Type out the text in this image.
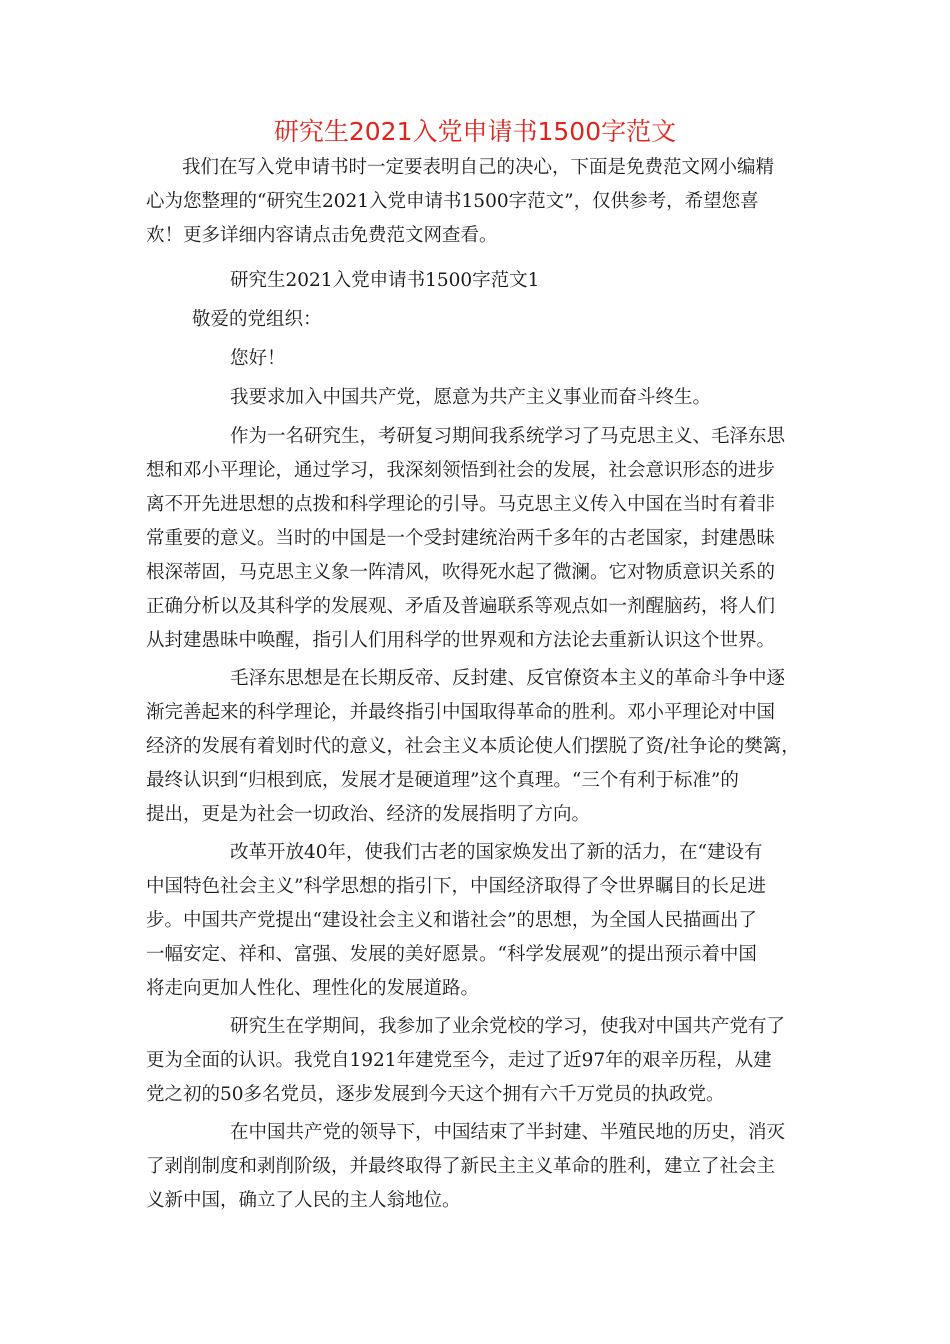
研究生2021入党申请书1500字范文
我们在写入党申请书时一定要表明自己的决心，下面是免费范文网小编精
心为您整理的“研究生2021入党申请书1500字范文”，仅供参考，希望您喜
欢！更多详细内容请点击免费范文网查看。
研究生2021入党申请书1500字范文1
敬爱的党组织：
您好！
我要求加入中国共产党，愿意为共产主义事业而奋斗终生。
作为一名研究生，考研复习期间我系统学习了马克思主义、毛泽东思
想和邓小平理论，通过学习，我深刻领悟到社会的发展，社会意识形态的进步
离不开先进思想的点拨和科学理论的引导。马克思主义传入中国在当时有着非
常重要的意义。当时的中国是一个受封建统治两千多年的古老国家，封建愚昧
根深蒂固，马克思主义象一阵清风，吹得死水起了微澜。它对物质意识关系的
正确分析以及其科学的发展观、矛盾及普遍联系等观点如一剂醒脑药，将人们
从封建愚昧中唤醒，指引人们用科学的世界观和方法论去重新认识这个世界。
毛泽东思想是在长期反帝、反封建、反官僚资本主义的革命斗争中逐
渐完善起来的科学理论，并最终指引中国取得革命的胜利。邓小平理论对中国
经济的发展有着划时代的意义，社会主义本质论使人们摆脱了资/社争论的樊篱，
最终认识到“归根到底，发展才是硬道理”这个真理。“三个有利于标准”的
提出，更是为社会一切政治、经济的发展指明了方向。
改革开放40年，使我们古老的国家焕发出了新的活力，在“建设有
中国特色社会主义”科学思想的指引下，中国经济取得了令世界瞩目的长足进
步。中国共产党提出“建设社会主义和谐社会”的思想，为全国人民描画出了
一幅安定、祥和、富强、发展的美好愿景。“科学发展观”的提出预示着中国
将走向更加人性化、理性化的发展道路。
研究生在学期间，我参加了业余党校的学习，使我对中国共产党有了
更为全面的认识。我党自1921年建党至今，走过了近97年的艰辛历程，从建
党之初的50多名党员，逐步发展到今天这个拥有六千万党员的执政党。
在中国共产党的领导下，中国结束了半封建、半殖民地的历史，消灭
了剥削制度和剥削阶级，并最终取得了新民主主义革命的胜利，建立了社会主
义新中国，确立了人民的主人翁地位。
